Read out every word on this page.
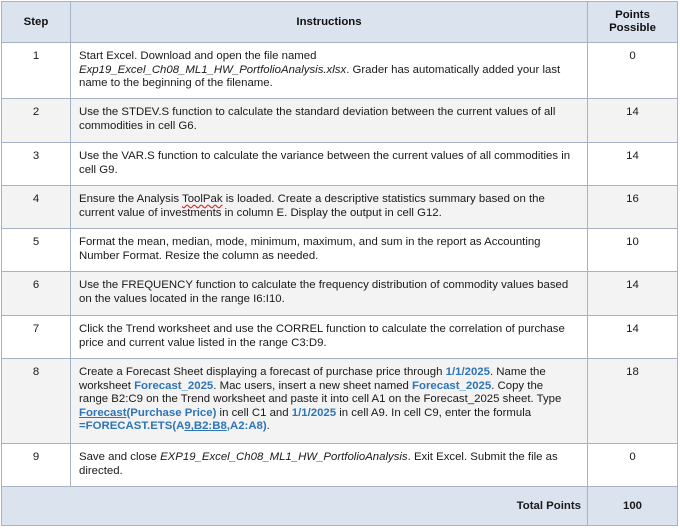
Step	Instructions	Points Possible
1	Start Excel. Download and open the file named Exp19_Excel_Ch08_ML1_HW_PortfolioAnalysis.xlsx. Grader has automatically added your last name to the beginning of the filename.	0
2	Use the STDEV.S function to calculate the standard deviation between the current values of all commodities in cell G6.	14
3	Use the VAR.S function to calculate the variance between the current values of all commodities in cell G9.	14
4	Ensure the Analysis ToolPak is loaded. Create a descriptive statistics summary based on the current value of investments in column E. Display the output in cell G12.	16
5	Format the mean, median, mode, minimum, maximum, and sum in the report as Accounting Number Format. Resize the column as needed.	10
6	Use the FREQUENCY function to calculate the frequency distribution of commodity values based on the values located in the range I6:I10.	14
7	Click the Trend worksheet and use the CORREL function to calculate the correlation of purchase price and current value listed in the range C3:D9.	14
8	Create a Forecast Sheet displaying a forecast of purchase price through 1/1/2025. Name the worksheet Forecast_2025. Mac users, insert a new sheet named Forecast_2025. Copy the range B2:C9 on the Trend worksheet and paste it into cell A1 on the Forecast_2025 sheet. Type Forecast(Purchase Price) in cell C1 and 1/1/2025 in cell A9. In cell C9, enter the formula =FORECAST.ETS(A9,B2:B8,A2:A8).	18
9	Save and close EXP19_Excel_Ch08_ML1_HW_PortfolioAnalysis. Exit Excel. Submit the file as directed.	0
Total Points		100
